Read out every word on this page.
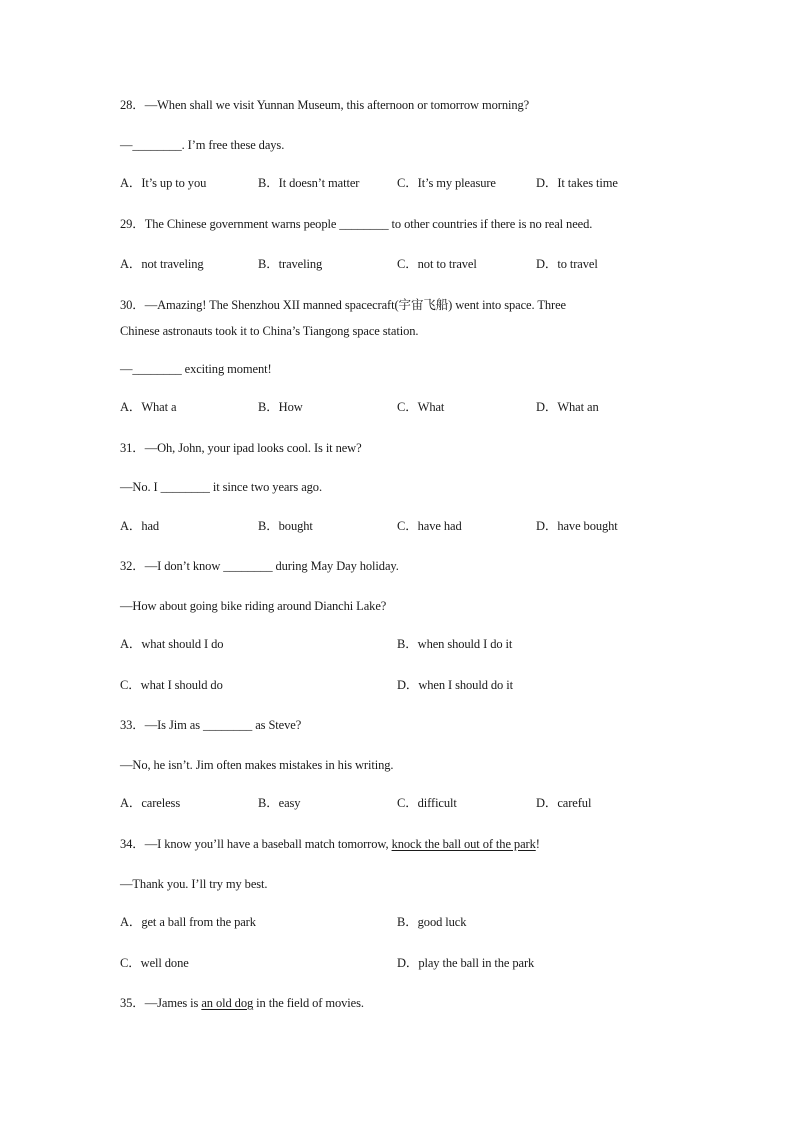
28．—When shall we visit Yunnan Museum, this afternoon or tomorrow morning?
—________. I’m free these days.
A．It’s up to you	B．It doesn’t matter	C．It’s my pleasure	D．It takes time
29．The Chinese government warns people ________ to other countries if there is no real need.
A．not traveling	B．traveling	C．not to travel	D．to travel
30．—Amazing! The Shenzhou XII manned spacecraft(宇宙飞船) went into space. Three
Chinese astronauts took it to China’s Tiangong space station.
—________ exciting moment!
A．What a	B．How	C．What	D．What an
31．—Oh, John, your ipad looks cool. Is it new?
—No. I ________ it since two years ago.
A．had	B．bought	C．have had	D．have bought
32．—I don’t know ________ during May Day holiday.
—How about going bike riding around Dianchi Lake?
A．what should I do	B．when should I do it
C．what I should do	D．when I should do it
33．—Is Jim as ________ as Steve?
—No, he isn’t. Jim often makes mistakes in his writing.
A．careless	B．easy	C．difficult	D．careful
34．—I know you’ll have a baseball match tomorrow, knock the ball out of the park!
—Thank you. I’ll try my best.
A．get a ball from the park	B．good luck
C．well done	D．play the ball in the park
35．—James is an old dog in the field of movies.
